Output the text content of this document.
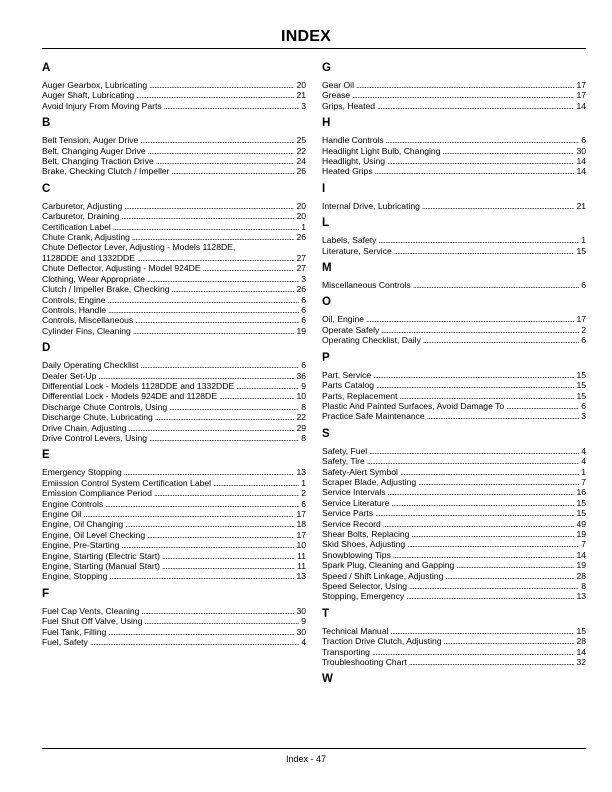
INDEX
A
Auger Gearbox, Lubricating . . .	20
Auger Shaft, Lubricating . . .	21
Avoid Injury From Moving Parts . . .	3
B
Belt Tension, Auger Drive . . .	25
Belt, Changing Auger Drive . . .	22
Belt, Changing Traction Drive . . .	24
Brake, Checking Clutch / Impeller . . .	26
C
Carburetor, Adjusting . . .	20
Carburetor, Draining . . .	20
Certification Label . . .	1
Chute Crank, Adjusting . . .	26
Chute Deflector Lever, Adjusting - Models 1128DE,
1128DDE and 1332DDE . . .	27
Chute Deflector, Adjusting - Model 924DE . . .	27
Clothing, Wear Appropriate . . .	3
Clutch / Impeller Brake, Checking . . .	26
Controls, Engine . . .	6
Controls, Handle . . .	6
Controls, Miscellaneous . . .	6
Cylinder Fins, Cleaning . . .	19
D
Daily Operating Checklist . . .	6
Dealer Set-Up . . .	36
Differential Lock - Models 1128DDE and 1332DDE . . .	9
Differential Lock - Models 924DE and 1128DE . . .	10
Discharge Chute Controls, Using . . .	8
Discharge Chute, Lubricating . . .	22
Drive Chain, Adjusting . . .	29
Drive Control Levers, Using . . .	8
E
Emergency Stopping . . .	13
Emiission Control System Certification Label . . .	1
Emission Compliance Period . . .	2
Engine Controls . . .	6
Engine Oil . . .	17
Engine, Oil Changing . . .	18
Engine, Oil Level Checking . . .	17
Engine, Pre-Starting . . .	10
Engine, Starting (Electric Start) . . .	11
Engine, Starting (Manual Start) . . .	11
Engine, Stopping . . .	13
F
Fuel Cap Vents, Cleaning . . .	30
Fuel Shut Off Valve, Using . . .	9
Fuel Tank, Filling . . .	30
Fuel, Safety . . .	4
G
Gear Oil . . .	17
Grease . . .	17
Grips, Heated . . .	14
H
Handle Controls . . .	6
Headlight Light Bulb, Changing . . .	30
Headlight, Using . . .	14
Heated Grips . . .	14
I
Internal Drive, Lubricating . . .	21
L
Labels, Safety . . .	1
Literature, Service . . .	15
M
Miscellaneous Controls . . .	6
O
Oil, Engine . . .	17
Operate Safely . . .	2
Operating Checklist, Daily . . .	6
P
Part, Service . . .	15
Parts Catalog . . .	15
Parts, Replacement . . .	15
Plastic And Painted Surfaces, Avoid Damage To . . .	6
Practice Safe Maintenance . . .	3
S
Safety, Fuel . . .	4
Safety, Tire . . .	4
Safety-Alert Symbol . . .	1
Scraper Blade, Adjusting . . .	7
Service Intervals . . .	16
Service Literature . . .	15
Service Parts . . .	15
Service Record . . .	49
Shear Bolts, Replacing . . .	19
Skid Shoes, Adjusting . . .	7
Snowblowing Tips . . .	14
Spark Plug, Cleaning and Gapping . . .	19
Speed / Shift Linkage, Adjusting . . .	28
Speed Selector, Using . . .	8
Stopping, Emergency . . .	13
T
Technical Manual . . .	15
Traction Drive Clutch, Adjusting . . .	28
Transporting . . .	14
Troubleshooting Chart . . .	32
W
Index - 47
